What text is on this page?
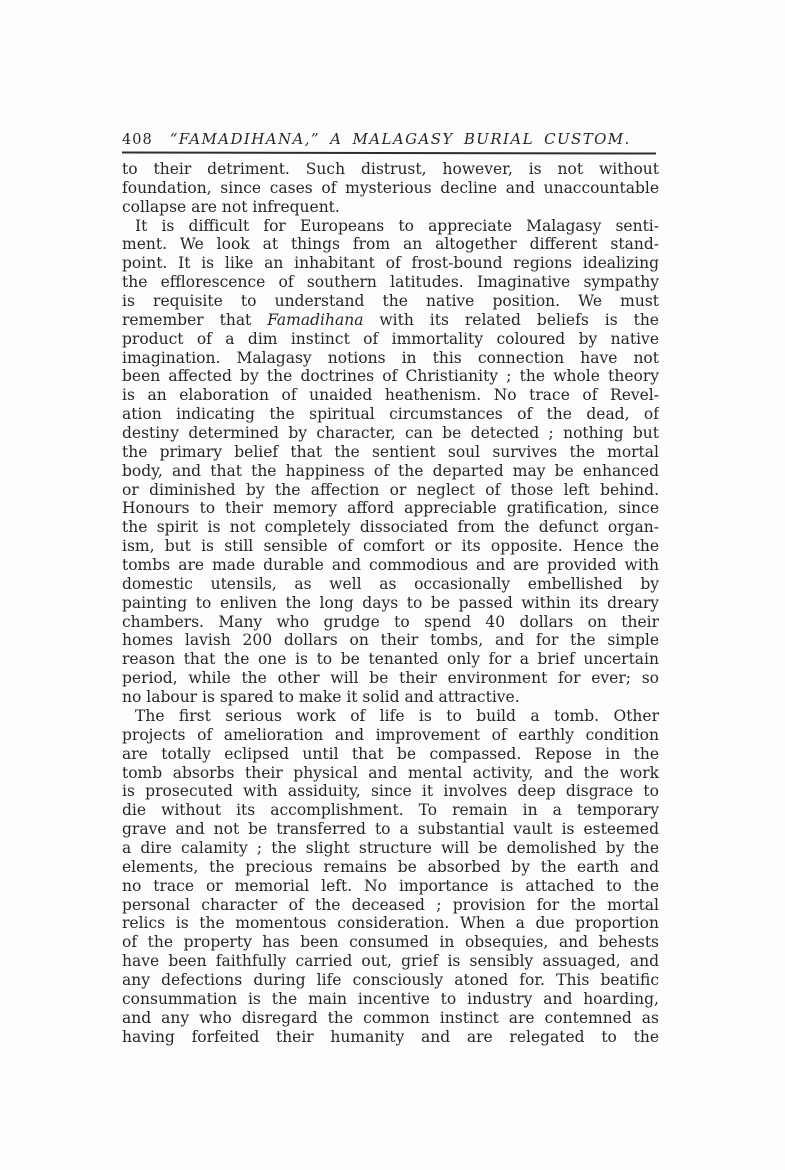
408 “FAMADIHANA,” A MALAGASY BURIAL CUSTOM.
to their detriment. Such distrust, however, is not without
foundation, since cases of mysterious decline and unaccountable
collapse are not infrequent.
It is difficult for Europeans to appreciate Malagasy senti-
ment. We look at things from an altogether different stand-
point. It is like an inhabitant of frost-bound regions idealizing
the efflorescence of southern latitudes. Imaginative sympathy
is requisite to understand the native position. We must
remember that Famadihana with its related beliefs is the
product of a dim instinct of immortality coloured by native
imagination. Malagasy notions in this connection have not
been affected by the doctrines of Christianity ; the whole theory
is an elaboration of unaided heathenism. No trace of Revel-
ation indicating the spiritual circumstances of the dead, of
destiny determined by character, can be detected ; nothing but
the primary belief that the sentient soul survives the mortal
body, and that the happiness of the departed may be enhanced
or diminished by the affection or neglect of those left behind.
Honours to their memory afford appreciable gratification, since
the spirit is not completely dissociated from the defunct organ-
ism, but is still sensible of comfort or its opposite. Hence the
tombs are made durable and commodious and are provided with
domestic utensils, as well as occasionally embellished by
painting to enliven the long days to be passed within its dreary
chambers. Many who grudge to spend 40 dollars on their
homes lavish 200 dollars on their tombs, and for the simple
reason that the one is to be tenanted only for a brief uncertain
period, while the other will be their environment for ever; so
no labour is spared to make it solid and attractive.
The first serious work of life is to build a tomb. Other
projects of amelioration and improvement of earthly condition
are totally eclipsed until that be compassed. Repose in the
tomb absorbs their physical and mental activity, and the work
is prosecuted with assiduity, since it involves deep disgrace to
die without its accomplishment. To remain in a temporary
grave and not be transferred to a substantial vault is esteemed
a dire calamity ; the slight structure will be demolished by the
elements, the precious remains be absorbed by the earth and
no trace or memorial left. No importance is attached to the
personal character of the deceased ; provision for the mortal
relics is the momentous consideration. When a due proportion
of the property has been consumed in obsequies, and behests
have been faithfully carried out, grief is sensibly assuaged, and
any defections during life consciously atoned for. This beatific
consummation is the main incentive to industry and hoarding,
and any who disregard the common instinct are contemned as
having forfeited their humanity and are relegated to the
